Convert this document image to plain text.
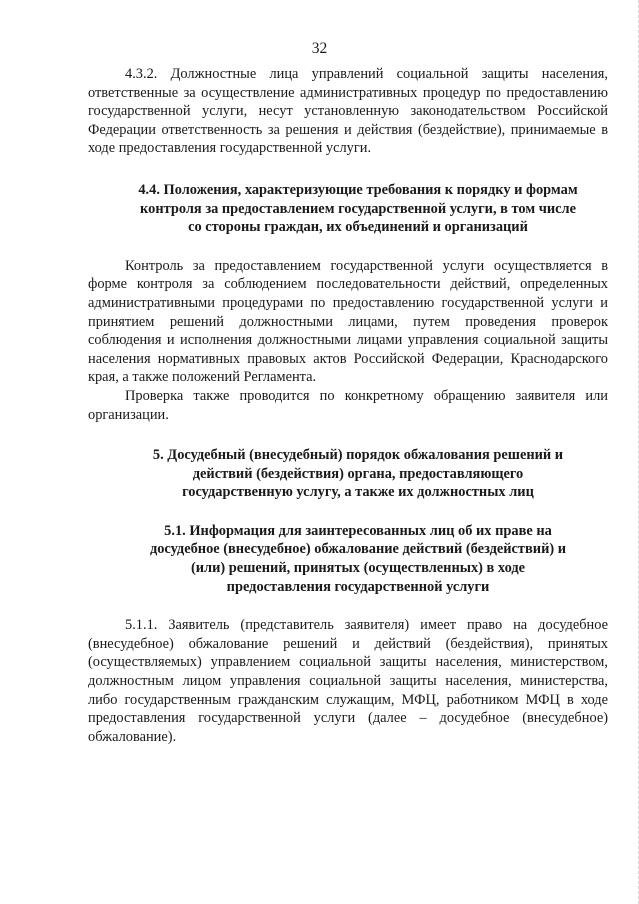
32

4.3.2. Должностные лица управлений социальной защиты населения, ответственные за осуществление административных процедур по предоставлению государственной услуги, несут установленную законодательством Российской Федерации ответственность за решения и действия (бездействие), принимаемые в ходе предоставления государственной услуги.

4.4. Положения, характеризующие требования к порядку и формам контроля за предоставлением государственной услуги, в том числе со стороны граждан, их объединений и организаций

Контроль за предоставлением государственной услуги осуществляется в форме контроля за соблюдением последовательности действий, определенных административными процедурами по предоставлению государственной услуги и принятием решений должностными лицами, путем проведения проверок соблюдения и исполнения должностными лицами управления социальной защиты населения нормативных правовых актов Российской Федерации, Краснодарского края, а также положений Регламента.

Проверка также проводится по конкретному обращению заявителя или организации.

5. Досудебный (внесудебный) порядок обжалования решений и действий (бездействия) органа, предоставляющего государственную услугу, а также их должностных лиц

5.1. Информация для заинтересованных лиц об их праве на досудебное (внесудебное) обжалование действий (бездействий) и (или) решений, принятых (осуществленных) в ходе предоставления государственной услуги

5.1.1. Заявитель (представитель заявителя) имеет право на досудебное (внесудебное) обжалование решений и действий (бездействия), принятых (осуществляемых) управлением социальной защиты населения, министерством, должностным лицом управления социальной защиты населения, министерства, либо государственным гражданским служащим, МФЦ, работником МФЦ в ходе предоставления государственной услуги (далее – досудебное (внесудебное) обжалование).
